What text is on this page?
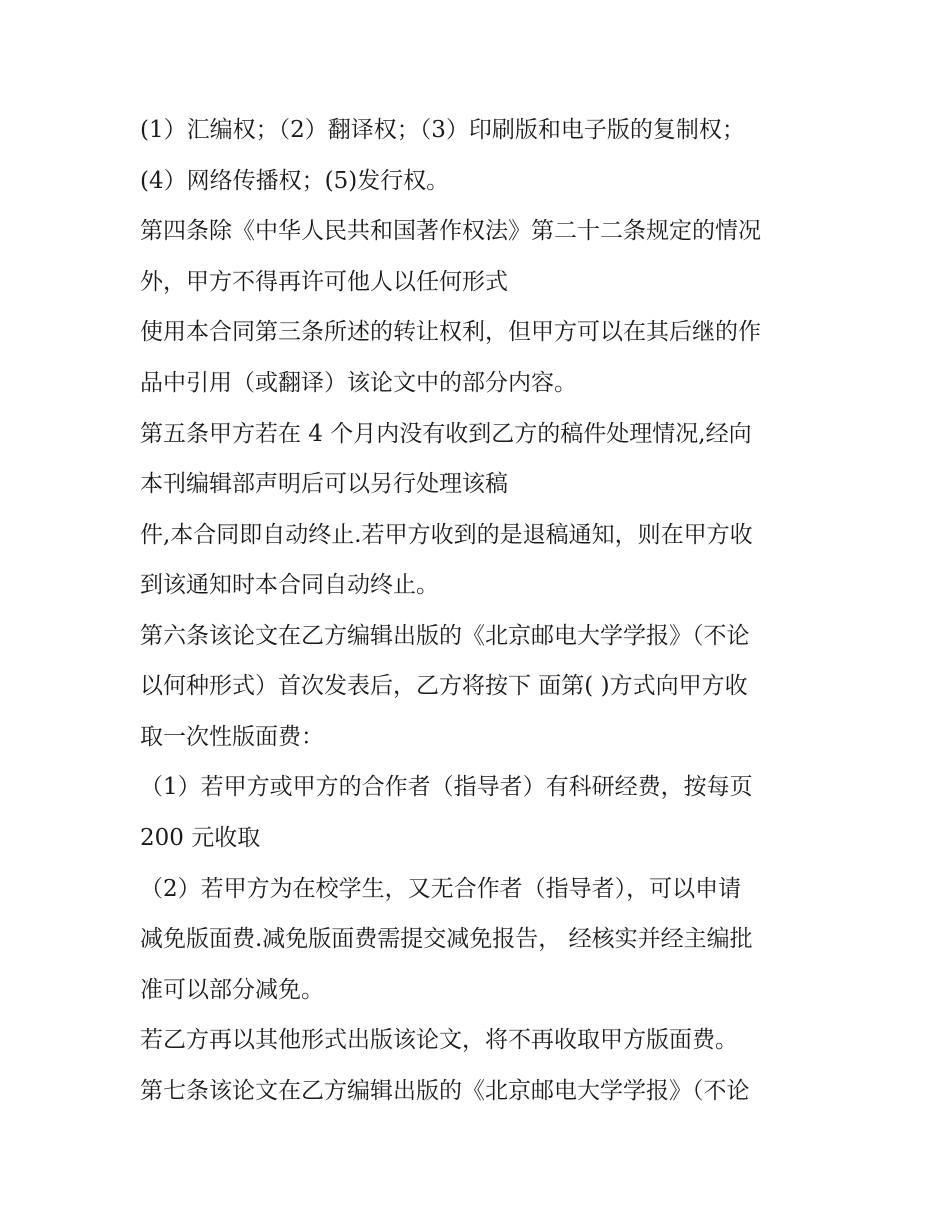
(1）汇编权；（2）翻译权；（3）印刷版和电子版的复制权；
(4）网络传播权；(5)发行权。
第四条除《中华人民共和国著作权法》第二十二条规定的情况
外，甲方不得再许可他人以任何形式
使用本合同第三条所述的转让权利，但甲方可以在其后继的作
品中引用（或翻译）该论文中的部分内容。
第五条甲方若在 4 个月内没有收到乙方的稿件处理情况,经向
本刊编辑部声明后可以另行处理该稿
件,本合同即自动终止.若甲方收到的是退稿通知，则在甲方收
到该通知时本合同自动终止。
第六条该论文在乙方编辑出版的《北京邮电大学学报》（不论
以何种形式）首次发表后，乙方将按下 面第( )方式向甲方收
取一次性版面费：
（1）若甲方或甲方的合作者（指导者）有科研经费，按每页
200 元收取
（2）若甲方为在校学生，又无合作者（指导者），可以申请
减免版面费.减免版面费需提交减免报告， 经核实并经主编批
准可以部分减免。
若乙方再以其他形式出版该论文，将不再收取甲方版面费。
第七条该论文在乙方编辑出版的《北京邮电大学学报》（不论
